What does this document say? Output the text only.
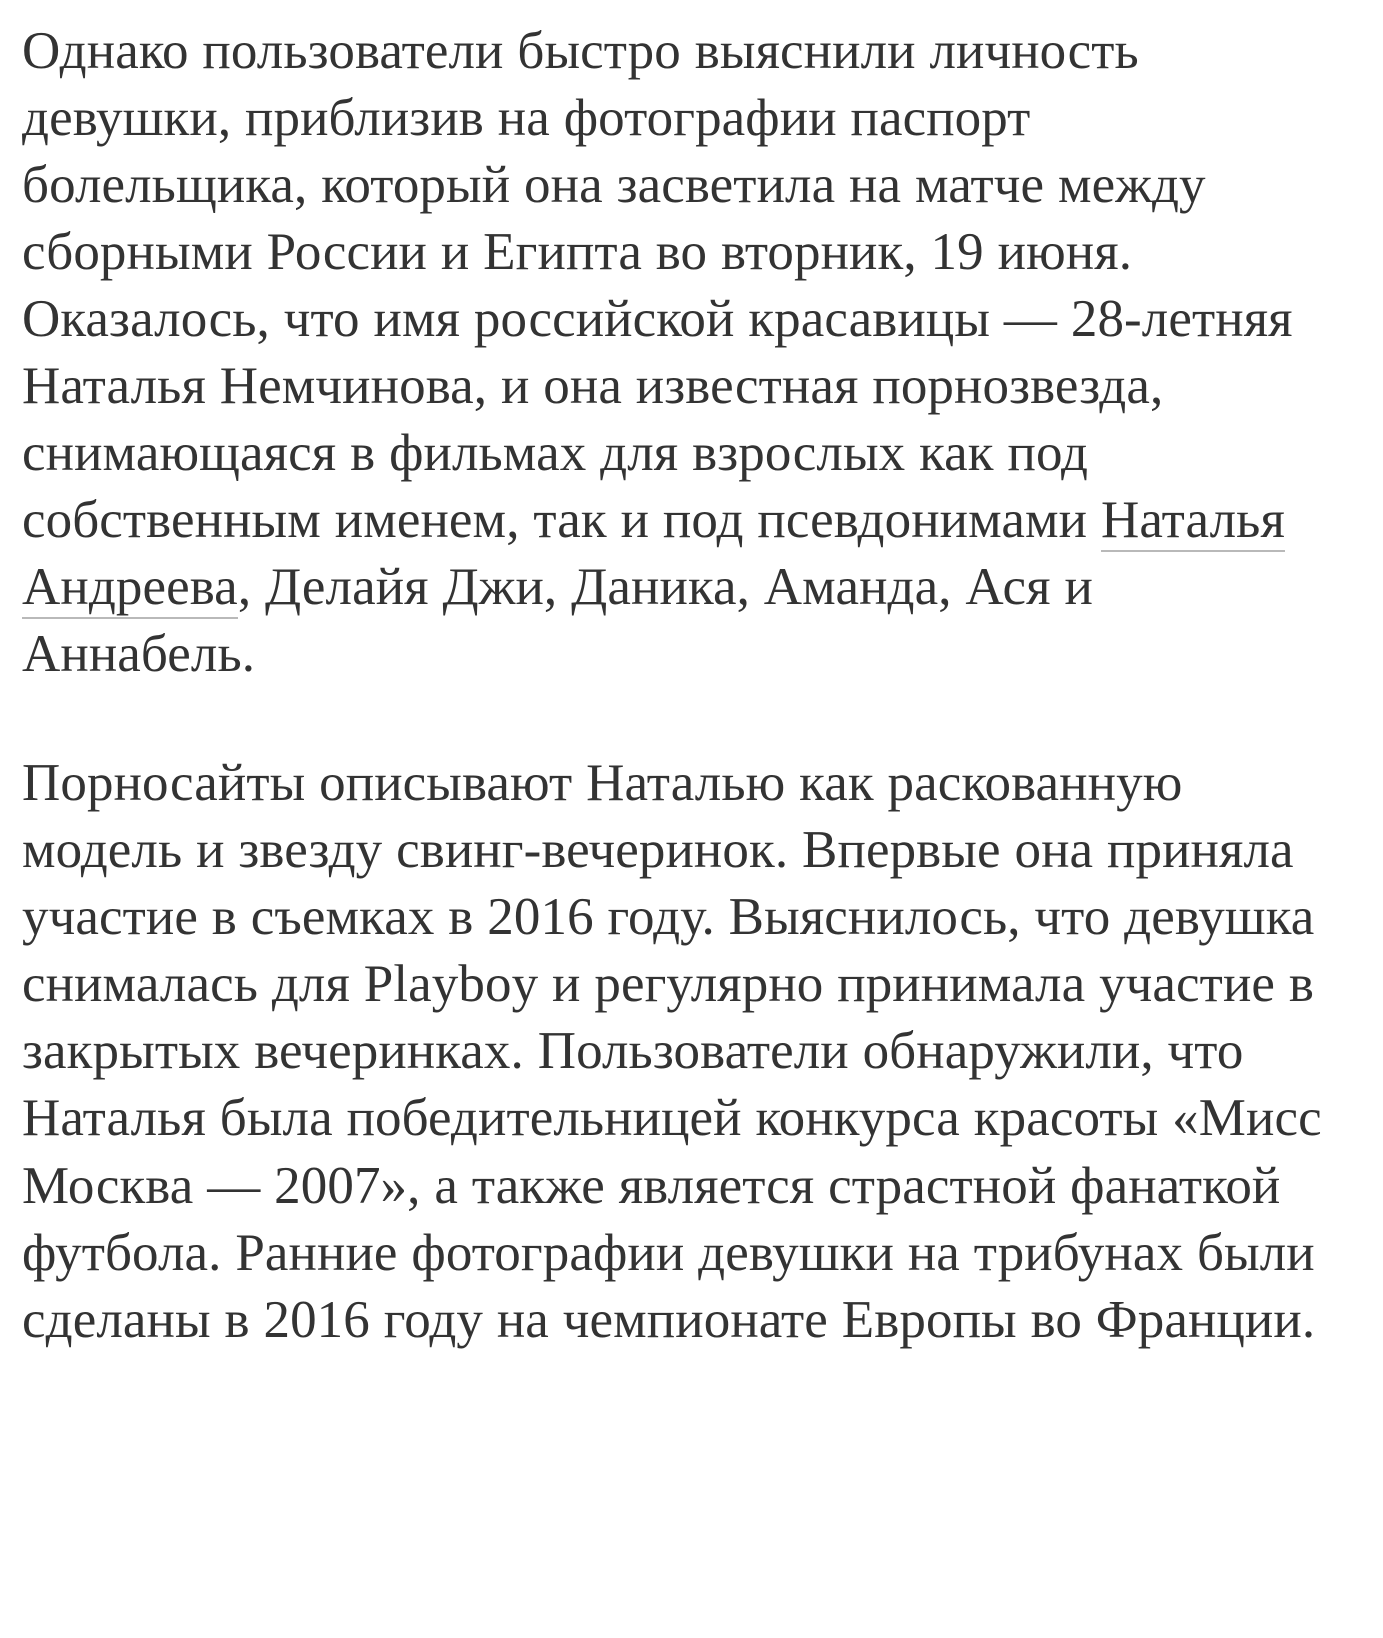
Однако пользователи быстро выяснили личность девушки, приблизив на фотографии паспорт болельщика, который она засветила на матче между сборными России и Египта во вторник, 19 июня. Оказалось, что имя российской красавицы — 28-летняя Наталья Немчинова, и она известная порнозвезда, снимающаяся в фильмах для взрослых как под собственным именем, так и под псевдонимами Наталья Андреева, Делайя Джи, Даника, Аманда, Ася и Аннабель.

Порносайты описывают Наталью как раскованную модель и звезду свинг-вечеринок. Впервые она приняла участие в съемках в 2016 году. Выяснилось, что девушка снималась для Playboy и регулярно принимала участие в закрытых вечеринках. Пользователи обнаружили, что Наталья была победительницей конкурса красоты «Мисс Москва — 2007», а также является страстной фанаткой футбола. Ранние фотографии девушки на трибунах были сделаны в 2016 году на чемпионате Европы во Франции.
